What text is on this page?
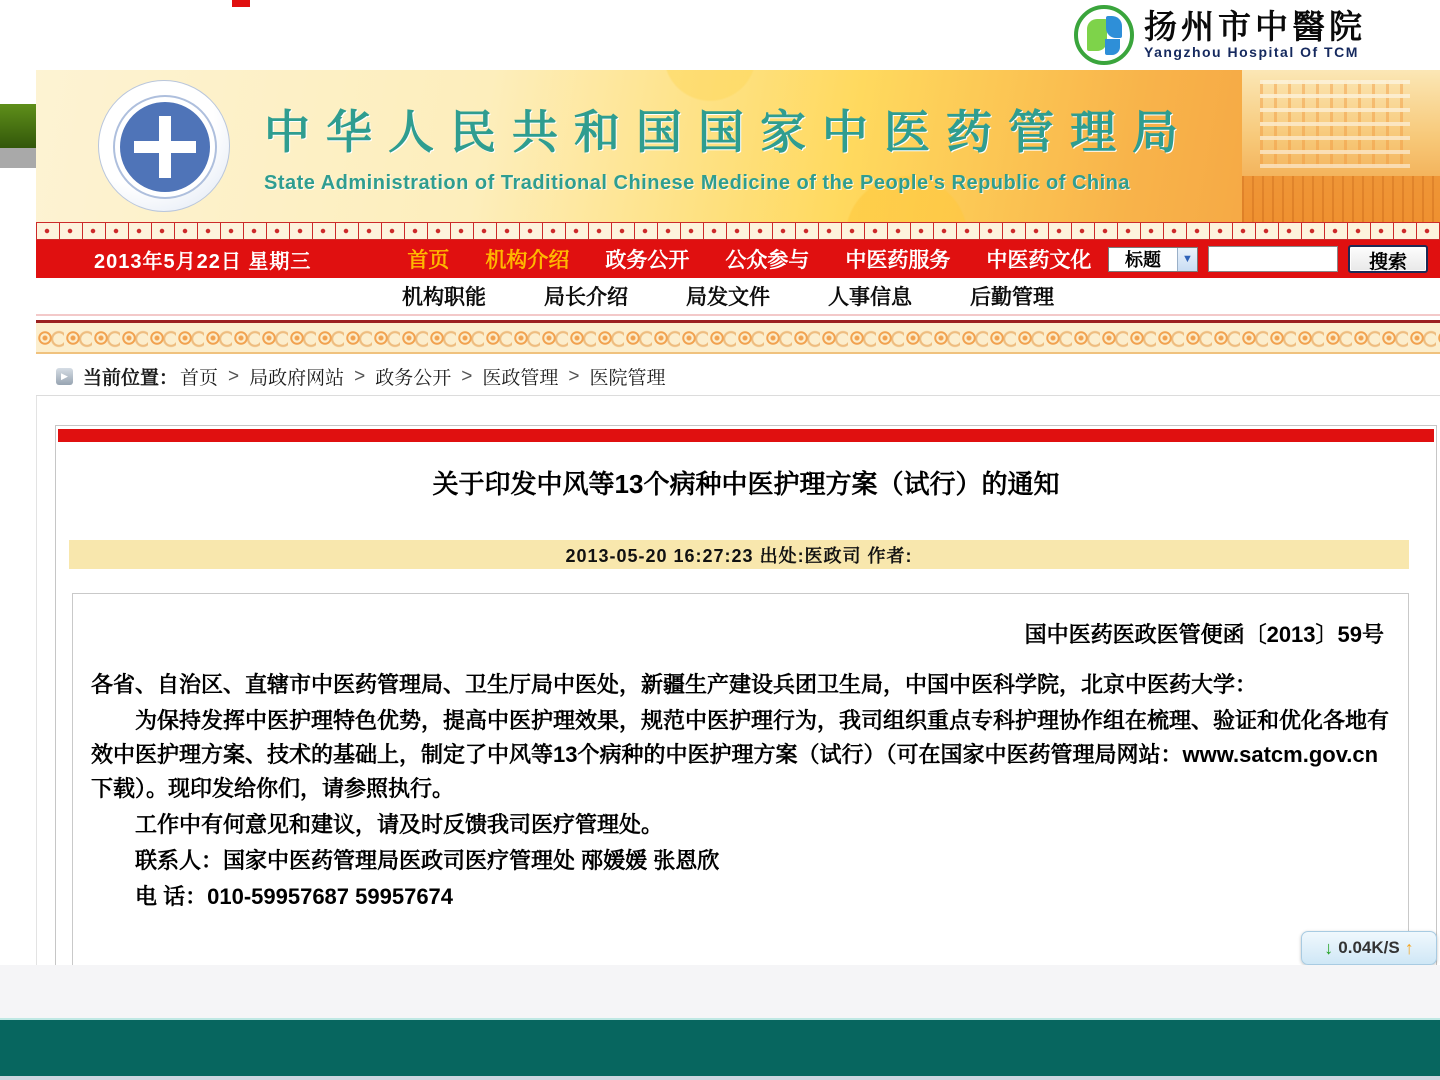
扬州市中醫院
Yangzhou Hospital Of TCM
中华人民共和国国家中医药管理局
State Administration of Traditional Chinese Medicine of the People's Republic of China
2013年5月22日 星期三	首页 机构介绍 政务公开 公众参与 中医药服务 中医药文化	标题	▼	搜索
机构职能	局长介绍	局发文件	人事信息	后勤管理
▶ 当前位置： 首页 > 局政府网站 > 政务公开 > 医政管理 > 医院管理
关于印发中风等13个病种中医护理方案（试行）的通知
2013-05-20 16:27:23 出处:医政司 作者:
国中医药医政医管便函〔2013〕59号

各省、自治区、直辖市中医药管理局、卫生厅局中医处，新疆生产建设兵团卫生局，中国中医科学院，北京中医药大学：

为保持发挥中医护理特色优势，提高中医护理效果，规范中医护理行为，我司组织重点专科护理协作组在梳理、验证和优化各地有效中医护理方案、技术的基础上，制定了中风等13个病种的中医护理方案（试行）（可在国家中医药管理局网站：www.satcm.gov.cn下载）。现印发给你们，请参照执行。

工作中有何意见和建议，请及时反馈我司医疗管理处。

联系人：国家中医药管理局医政司医疗管理处 邴媛媛 张恩欣

电 话：010-59957687 59957674

↓ 0.04K/S ↑
